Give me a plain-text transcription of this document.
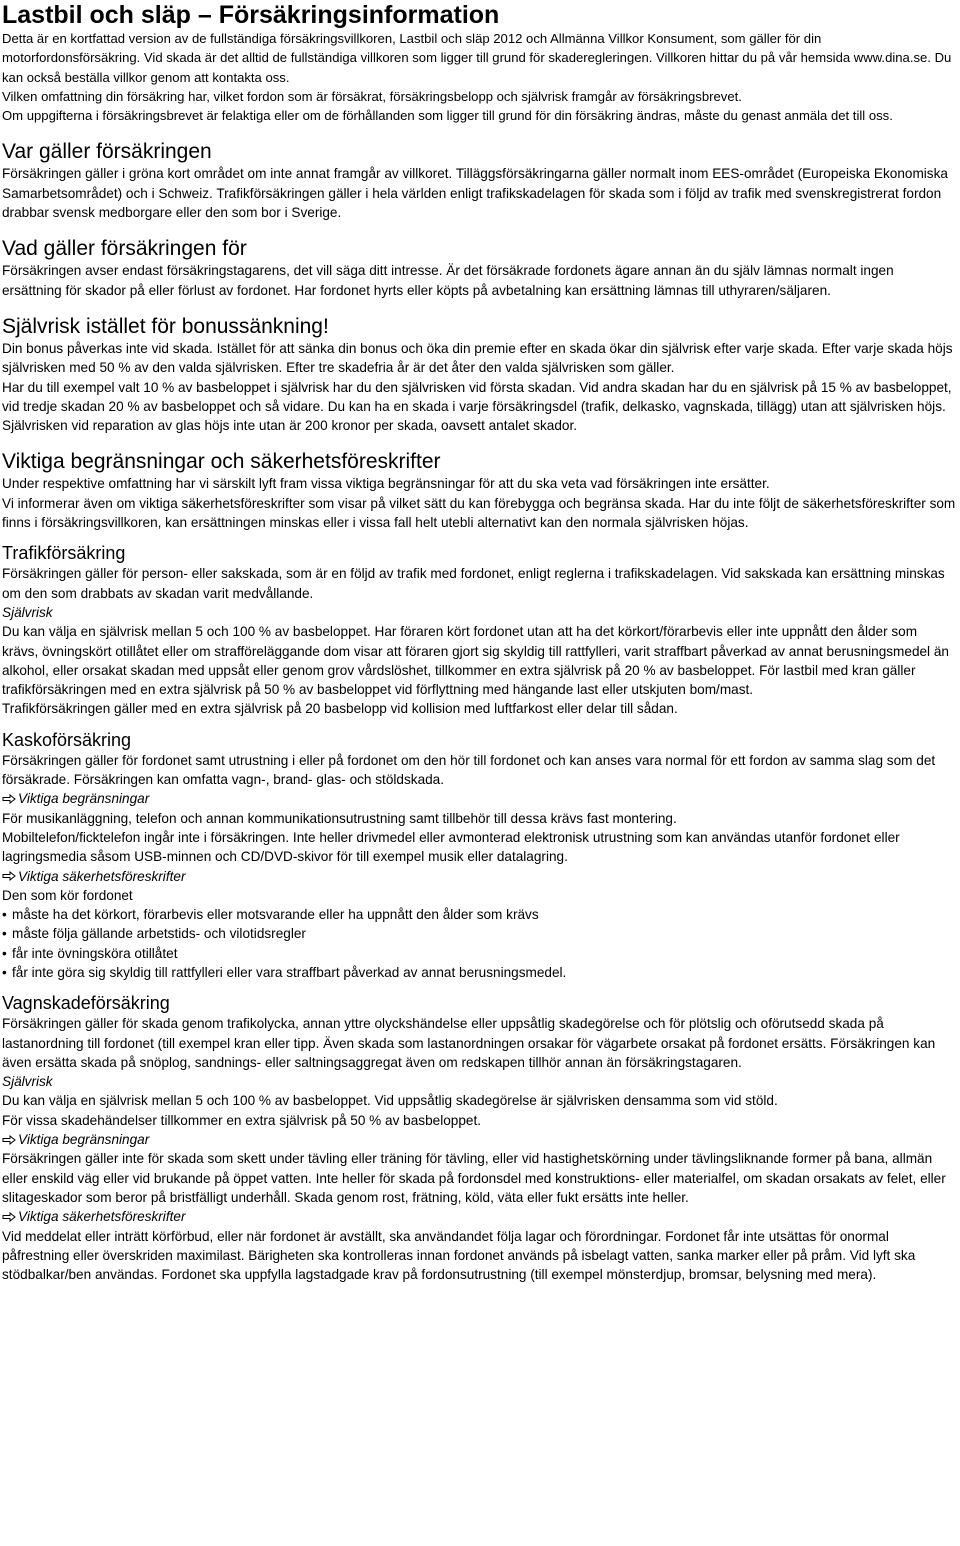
Lastbil och släp – Försäkringsinformation

Detta är en kortfattad version av de fullständiga försäkringsvillkoren, Lastbil och släp 2012 och Allmänna Villkor Konsument, som gäller för din motorfordonsförsäkring. Vid skada är det alltid de fullständiga villkoren som ligger till grund för skaderegleringen. Villkoren hittar du på vår hemsida www.dina.se. Du kan också beställa villkor genom att kontakta oss.

Vilken omfattning din försäkring har, vilket fordon som är försäkrat, försäkringsbelopp och självrisk framgår av försäkringsbrevet.

Om uppgifterna i försäkringsbrevet är felaktiga eller om de förhållanden som ligger till grund för din försäkring ändras, måste du genast anmäla det till oss.

Var gäller försäkringen

Försäkringen gäller i gröna kort området om inte annat framgår av villkoret. Tilläggsförsäkringarna gäller normalt inom EES-området (Europeiska Ekonomiska Samarbetsområdet) och i Schweiz. Trafikförsäkringen gäller i hela världen enligt trafikskadelagen för skada som i följd av trafik med svenskregistrerat fordon drabbar svensk medborgare eller den som bor i Sverige.

Vad gäller försäkringen för

Försäkringen avser endast försäkringstagarens, det vill säga ditt intresse. Är det försäkrade fordonets ägare annan än du själv lämnas normalt ingen ersättning för skador på eller förlust av fordonet. Har fordonet hyrts eller köpts på avbetalning kan ersättning lämnas till uthyraren/säljaren.

Självrisk istället för bonussänkning!

Din bonus påverkas inte vid skada. Istället för att sänka din bonus och öka din premie efter en skada ökar din självrisk efter varje skada. Efter varje skada höjs självrisken med 50 % av den valda självrisken. Efter tre skadefria år är det åter den valda självrisken som gäller.

Har du till exempel valt 10 % av basbeloppet i självrisk har du den självrisken vid första skadan. Vid andra skadan har du en självrisk på 15 % av basbeloppet, vid tredje skadan 20 % av basbeloppet och så vidare. Du kan ha en skada i varje försäkringsdel (trafik, delkasko, vagnskada, tillägg) utan att självrisken höjs. Självrisken vid reparation av glas höjs inte utan är 200 kronor per skada, oavsett antalet skador.

Viktiga begränsningar och säkerhetsföreskrifter

Under respektive omfattning har vi särskilt lyft fram vissa viktiga begränsningar för att du ska veta vad försäkringen inte ersätter.

Vi informerar även om viktiga säkerhetsföreskrifter som visar på vilket sätt du kan förebygga och begränsa skada. Har du inte följt de säkerhetsföreskrifter som finns i försäkringsvillkoren, kan ersättningen minskas eller i vissa fall helt utebli alternativt kan den normala självrisken höjas.

Trafikförsäkring

Försäkringen gäller för person- eller sakskada, som är en följd av trafik med fordonet, enligt reglerna i trafikskadelagen. Vid sakskada kan ersättning minskas om den som drabbats av skadan varit medvållande.

Självrisk

Du kan välja en självrisk mellan 5 och 100 % av basbeloppet. Har föraren kört fordonet utan att ha det körkort/förarbevis eller inte uppnått den ålder som krävs, övningskört otillåtet eller om strafföreläggande dom visar att föraren gjort sig skyldig till rattfylleri, varit straffbart påverkad av annat berusningsmedel än alkohol, eller orsakat skadan med uppsåt eller genom grov vårdslöshet, tillkommer en extra självrisk på 20 % av basbeloppet. För lastbil med kran gäller trafikförsäkringen med en extra självrisk på 50 % av basbeloppet vid förflyttning med hängande last eller utskjuten bom/mast.

Trafikförsäkringen gäller med en extra självrisk på 20 basbelopp vid kollision med luftfarkost eller delar till sådan.

Kaskoförsäkring

Försäkringen gäller för fordonet samt utrustning i eller på fordonet om den hör till fordonet och kan anses vara normal för ett fordon av samma slag som det försäkrade. Försäkringen kan omfatta vagn-, brand- glas- och stöldskada.

Viktiga begränsningar

För musikanläggning, telefon och annan kommunikationsutrustning samt tillbehör till dessa krävs fast montering.

Mobiltelefon/ficktelefon ingår inte i försäkringen. Inte heller drivmedel eller avmonterad elektronisk utrustning som kan användas utanför fordonet eller lagringsmedia såsom USB-minnen och CD/DVD-skivor för till exempel musik eller datalagring.

Viktiga säkerhetsföreskrifter

Den som kör fordonet

• måste ha det körkort, förarbevis eller motsvarande eller ha uppnått den ålder som krävs

• måste följa gällande arbetstids- och vilotidsregler

• får inte övningsköra otillåtet

• får inte göra sig skyldig till rattfylleri eller vara straffbart påverkad av annat berusningsmedel.

Vagnskadeförsäkring

Försäkringen gäller för skada genom trafikolycka, annan yttre olyckshändelse eller uppsåtlig skadegörelse och för plötslig och oförutsedd skada på lastanordning till fordonet (till exempel kran eller tipp. Även skada som lastanordningen orsakar för vägarbete orsakat på fordonet ersätts. Försäkringen kan även ersätta skada på snöplog, sandnings- eller saltningsaggregat även om redskapen tillhör annan än försäkringstagaren.

Självrisk

Du kan välja en självrisk mellan 5 och 100 % av basbeloppet. Vid uppsåtlig skadegörelse är självrisken densamma som vid stöld.

För vissa skadehändelser tillkommer en extra självrisk på 50 % av basbeloppet.

Viktiga begränsningar

Försäkringen gäller inte för skada som skett under tävling eller träning för tävling, eller vid hastighetskörning under tävlingsliknande former på bana, allmän eller enskild väg eller vid brukande på öppet vatten. Inte heller för skada på fordonsdel med konstruktions- eller materialfel, om skadan orsakats av felet, eller slitageskador som beror på bristfälligt underhåll. Skada genom rost, frätning, köld, väta eller fukt ersätts inte heller.

Viktiga säkerhetsföreskrifter

Vid meddelat eller inträtt körförbud, eller när fordonet är avställt, ska användandet följa lagar och förordningar. Fordonet får inte utsättas för onormal påfrestning eller överskriden maximilast. Bärigheten ska kontrolleras innan fordonet används på isbelagt vatten, sanka marker eller på pråm. Vid lyft ska stödbalkar/ben användas. Fordonet ska uppfylla lagstadgade krav på fordonsutrustning (till exempel mönsterdjup, bromsar, belysning med mera).
